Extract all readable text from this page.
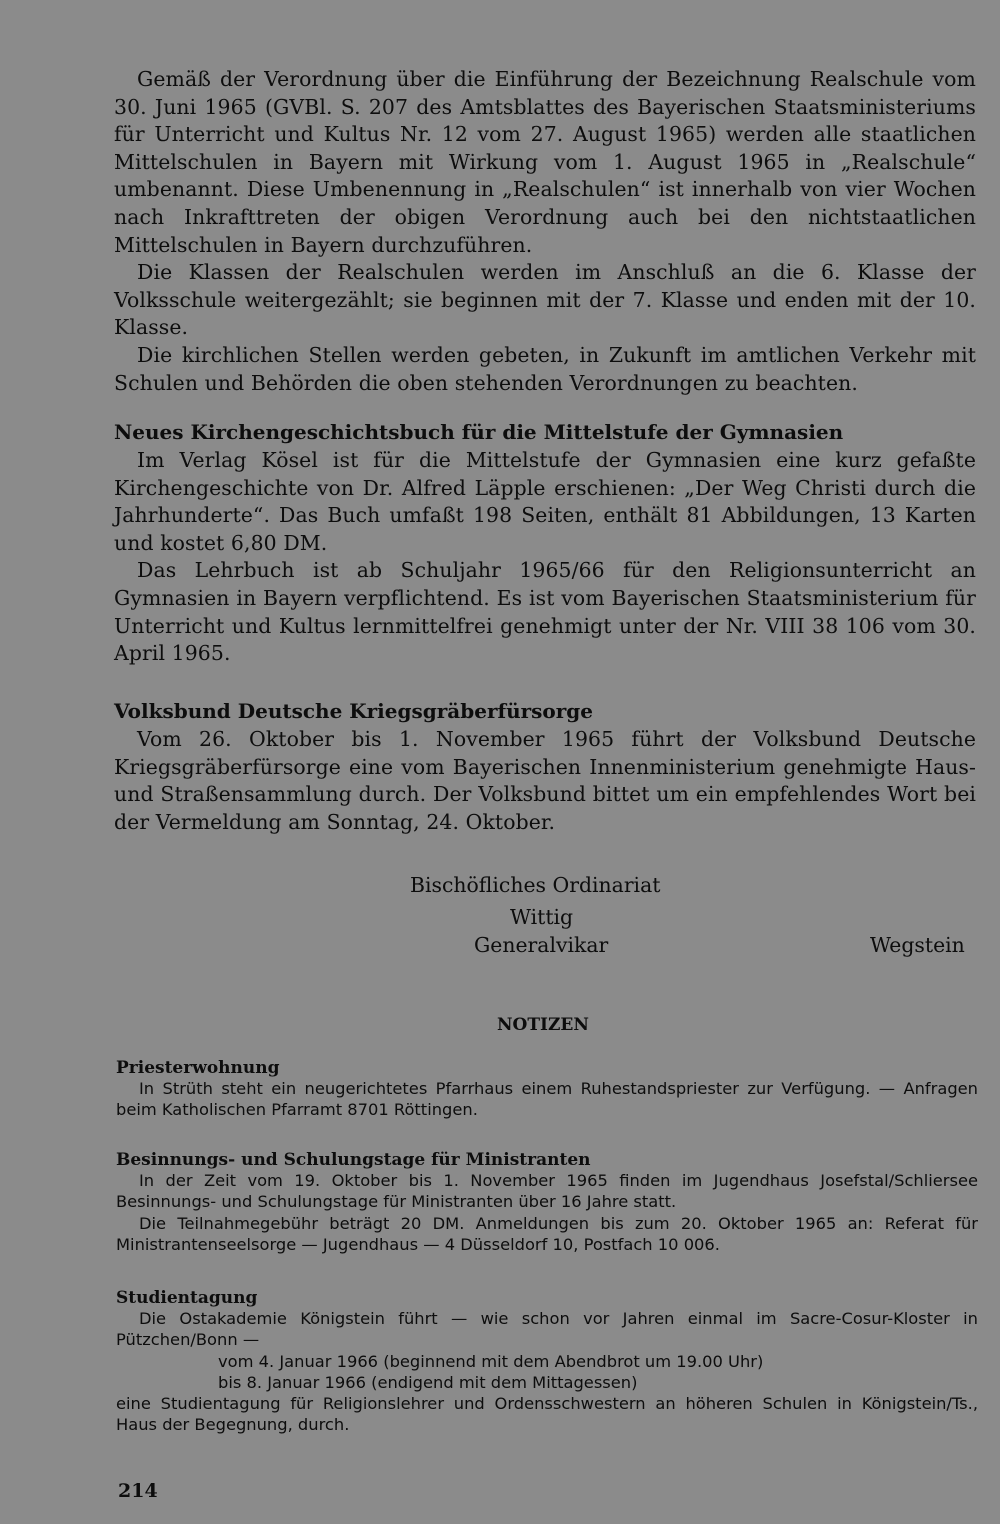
Gemäß der Verordnung über die Einführung der Bezeichnung Realschule vom 30. Juni 1965 (GVBl. S. 207 des Amtsblattes des Bayerischen Staatsministeriums für Unterricht und Kultus Nr. 12 vom 27. August 1965) werden alle staatlichen Mittelschulen in Bayern mit Wirkung vom 1. August 1965 in „Realschule“ umbenannt. Diese Umbenennung in „Realschulen“ ist innerhalb von vier Wochen nach Inkrafttreten der obigen Verordnung auch bei den nichtstaatlichen Mittelschulen in Bayern durchzuführen.

Die Klassen der Realschulen werden im Anschluß an die 6. Klasse der Volksschule weitergezählt; sie beginnen mit der 7. Klasse und enden mit der 10. Klasse.

Die kirchlichen Stellen werden gebeten, in Zukunft im amtlichen Verkehr mit Schulen und Behörden die oben stehenden Verordnungen zu beachten.

Neues Kirchengeschichtsbuch für die Mittelstufe der Gymnasien

Im Verlag Kösel ist für die Mittelstufe der Gymnasien eine kurz gefaßte Kirchengeschichte von Dr. Alfred Läpple erschienen: „Der Weg Christi durch die Jahrhunderte“. Das Buch umfaßt 198 Seiten, enthält 81 Abbildungen, 13 Karten und kostet 6,80 DM.

Das Lehrbuch ist ab Schuljahr 1965/66 für den Religionsunterricht an Gymnasien in Bayern verpflichtend. Es ist vom Bayerischen Staatsministerium für Unterricht und Kultus lernmittelfrei genehmigt unter der Nr. VIII 38 106 vom 30. April 1965.

Volksbund Deutsche Kriegsgräberfürsorge

Vom 26. Oktober bis 1. November 1965 führt der Volksbund Deutsche Kriegsgräberfürsorge eine vom Bayerischen Innenministerium genehmigte Haus- und Straßensammlung durch. Der Volksbund bittet um ein empfehlendes Wort bei der Vermeldung am Sonntag, 24. Oktober.

Bischöfliches Ordinariat
Wittig
Generalvikar	Wegstein
NOTIZEN

Priesterwohnung

In Strüth steht ein neugerichtetes Pfarrhaus einem Ruhestandspriester zur Verfügung. — Anfragen beim Katholischen Pfarramt 8701 Röttingen.

Besinnungs- und Schulungstage für Ministranten

In der Zeit vom 19. Oktober bis 1. November 1965 finden im Jugendhaus Josefstal/Schliersee Besinnungs- und Schulungstage für Ministranten über 16 Jahre statt.

Die Teilnahmegebühr beträgt 20 DM. Anmeldungen bis zum 20. Oktober 1965 an: Referat für Ministrantenseelsorge — Jugendhaus — 4 Düsseldorf 10, Postfach 10 006.

Studientagung

Die Ostakademie Königstein führt — wie schon vor Jahren einmal im Sacre-Cosur-Kloster in Pützchen/Bonn —

vom 4. Januar 1966 (beginnend mit dem Abendbrot um 19.00 Uhr)

bis 8. Januar 1966 (endigend mit dem Mittagessen)

eine Studientagung für Religionslehrer und Ordensschwestern an höheren Schulen in Königstein/Ts., Haus der Begegnung, durch.

214
